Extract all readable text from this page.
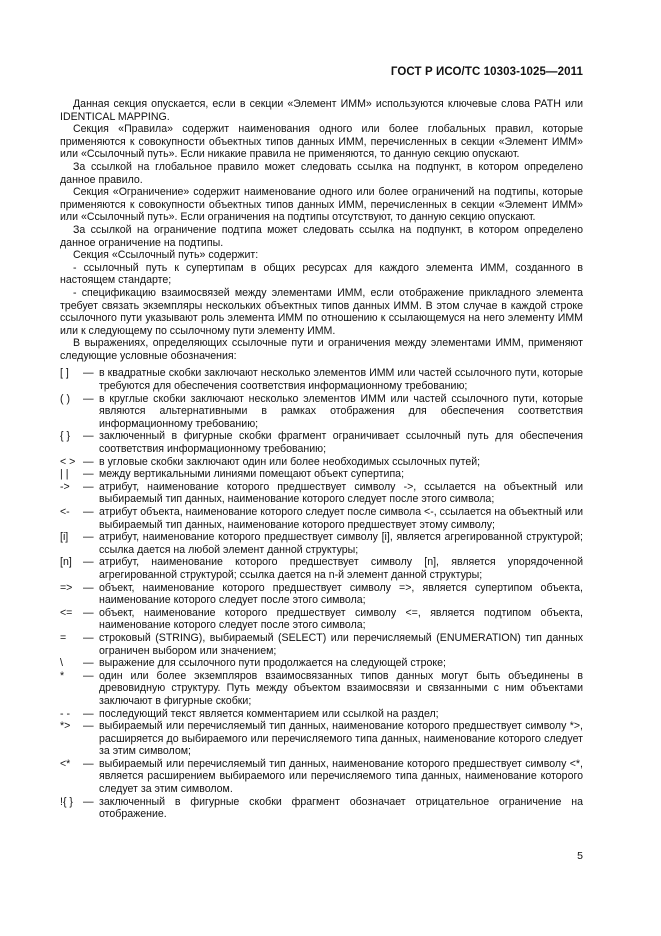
ГОСТ Р ИСО/ТС 10303-1025—2011

Данная секция опускается, если в секции «Элемент ИММ» используются ключевые слова PATH или IDENTICAL MAPPING.

Секция «Правила» содержит наименования одного или более глобальных правил, которые применяются к совокупности объектных типов данных ИММ, перечисленных в секции «Элемент ИММ» или «Ссылочный путь». Если никакие правила не применяются, то данную секцию опускают.

За ссылкой на глобальное правило может следовать ссылка на подпункт, в котором определено данное правило.

Секция «Ограничение» содержит наименование одного или более ограничений на подтипы, которые применяются к совокупности объектных типов данных ИММ, перечисленных в секции «Элемент ИММ» или «Ссылочный путь». Если ограничения на подтипы отсутствуют, то данную секцию опускают.

За ссылкой на ограничение подтипа может следовать ссылка на подпункт, в котором определено данное ограничение на подтипы.

Секция «Ссылочный путь» содержит:

- ссылочный путь к супертипам в общих ресурсах для каждого элемента ИММ, созданного в настоящем стандарте;

- спецификацию взаимосвязей между элементами ИММ, если отображение прикладного элемента требует связать экземпляры нескольких объектных типов данных ИММ. В этом случае в каждой строке ссылочного пути указывают роль элемента ИММ по отношению к ссылающемуся на него элементу ИММ или к следующему по ссылочному пути элементу ИММ.

В выражениях, определяющих ссылочные пути и ограничения между элементами ИММ, применяют следующие условные обозначения:

[ ]	— в квадратные скобки заключают несколько элементов ИММ или частей ссылочного пути, которые требуются для обеспечения соответствия информационному требованию;
( )	— в круглые скобки заключают несколько элементов ИММ или частей ссылочного пути, которые являются альтернативными в рамках отображения для обеспечения соответствия информационному требованию;
{ }	— заключенный в фигурные скобки фрагмент ограничивает ссылочный путь для обеспечения соответствия информационному требованию;
< > — в угловые скобки заключают один или более необходимых ссылочных путей;
| |	— между вертикальными линиями помещают объект супертипа;
->	— атрибут, наименование которого предшествует символу ->, ссылается на объектный или выбираемый тип данных, наименование которого следует после этого символа;
<-	— атрибут объекта, наименование которого следует после символа <-, ссылается на объектный или выбираемый тип данных, наименование которого предшествует этому символу;
[i]	— атрибут, наименование которого предшествует символу [i], является агрегированной структурой; ссылка дается на любой элемент данной структуры;
[n]	— атрибут, наименование которого предшествует символу [n], является упорядоченной агрегированной структурой; ссылка дается на n-й элемент данной структуры;
=>	— объект, наименование которого предшествует символу =>, является супертипом объекта, наименование которого следует после этого символа;
<=	— объект, наименование которого предшествует символу <=, является подтипом объекта, наименование которого следует после этого символа;
=	— строковый (STRING), выбираемый (SELECT) или перечисляемый (ENUMERATION) тип данных ограничен выбором или значением;
\	— выражение для ссылочного пути продолжается на следующей строке;
*	— один или более экземпляров взаимосвязанных типов данных могут быть объединены в древовидную структуру. Путь между объектом взаимосвязи и связанными с ним объектами заключают в фигурные скобки;
- -	— последующий текст является комментарием или ссылкой на раздел;
*>	— выбираемый или перечисляемый тип данных, наименование которого предшествует символу *>, расширяется до выбираемого или перечисляемого типа данных, наименование которого следует за этим символом;
<*	— выбираемый или перечисляемый тип данных, наименование которого предшествует символу <*, является расширением выбираемого или перечисляемого типа данных, наименование которого следует за этим символом.
!{ } — заключенный в фигурные скобки фрагмент обозначает отрицательное ограничение на отображение.
5
